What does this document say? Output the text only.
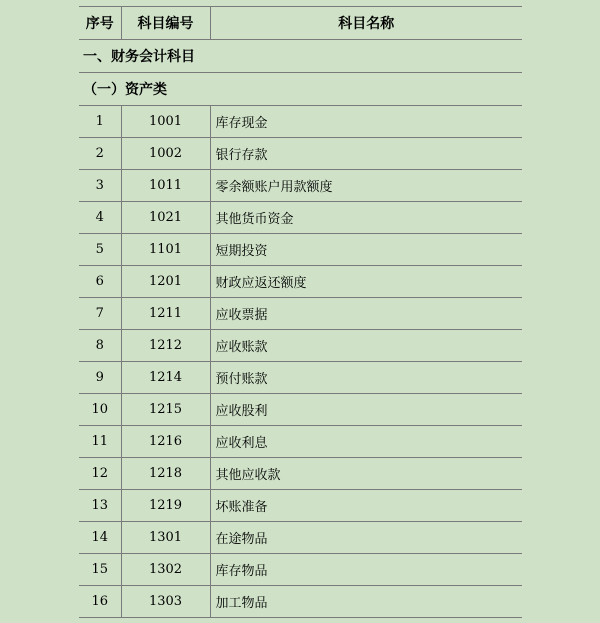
序号	科目编号	科目名称
一、财务会计科目		
（一）资产类		
1	1001	库存现金
2	1002	银行存款
3	1011	零余额账户用款额度
4	1021	其他货币资金
5	1101	短期投资
6	1201	财政应返还额度
7	1211	应收票据
8	1212	应收账款
9	1214	预付账款
10	1215	应收股利
11	1216	应收利息
12	1218	其他应收款
13	1219	坏账准备
14	1301	在途物品
15	1302	库存物品
16	1303	加工物品
